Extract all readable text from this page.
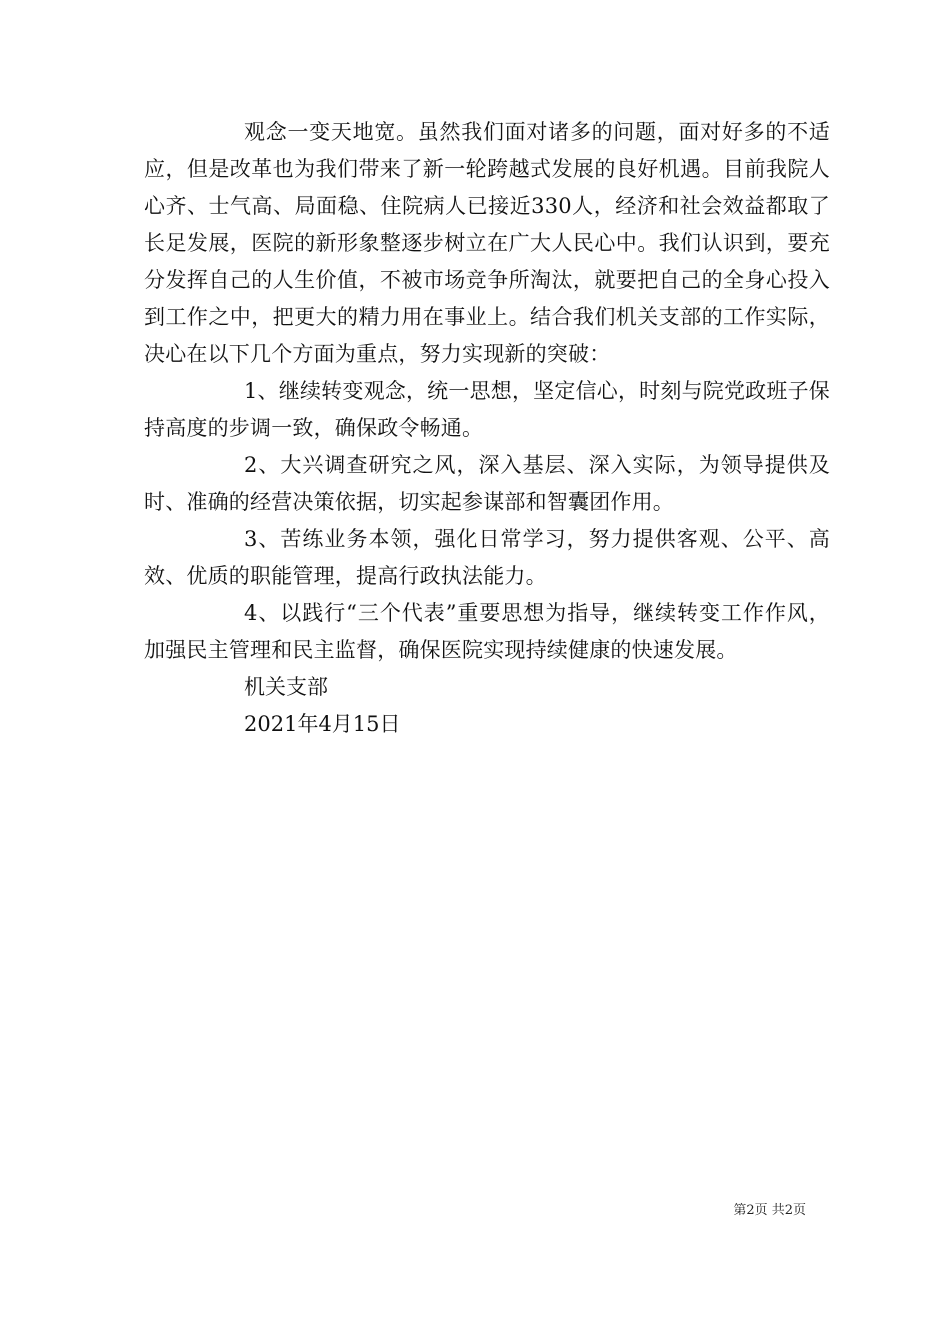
观念一变天地宽。虽然我们面对诸多的问题，面对好多的不适应，但是改革也为我们带来了新一轮跨越式发展的良好机遇。目前我院人心齐、士气高、局面稳、住院病人已接近330人，经济和社会效益都取了长足发展，医院的新形象整逐步树立在广大人民心中。我们认识到，要充分发挥自己的人生价值，不被市场竞争所淘汰，就要把自己的全身心投入到工作之中，把更大的精力用在事业上。结合我们机关支部的工作实际，决心在以下几个方面为重点，努力实现新的突破：

1、继续转变观念，统一思想，坚定信心，时刻与院党政班子保持高度的步调一致，确保政令畅通。

2、大兴调查研究之风，深入基层、深入实际，为领导提供及时、准确的经营决策依据，切实起参谋部和智囊团作用。

3、苦练业务本领，强化日常学习，努力提供客观、公平、高效、优质的职能管理，提高行政执法能力。

4、以践行“三个代表”重要思想为指导，继续转变工作作风，加强民主管理和民主监督，确保医院实现持续健康的快速发展。

机关支部

2021年4月15日

第2页 共2页
